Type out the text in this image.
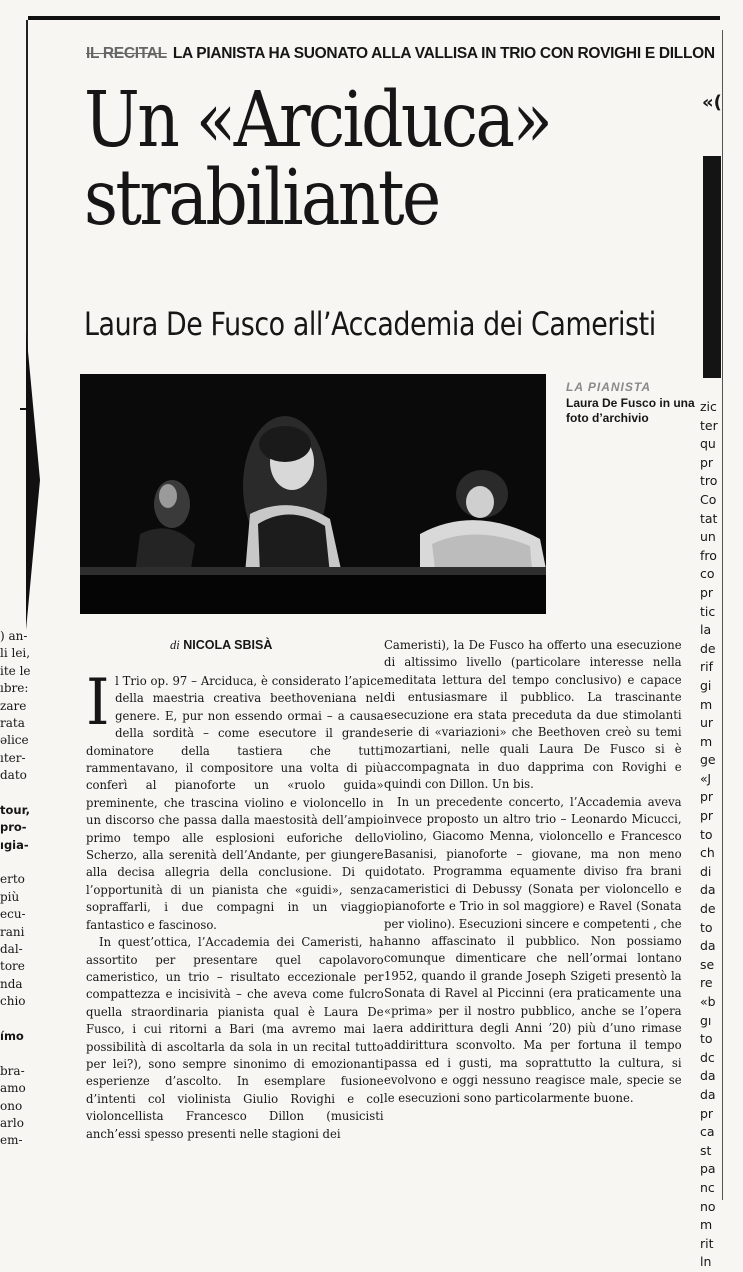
«(
IL RECITAL LA PIANISTA HA SUONATO ALLA VALLISA IN TRIO CON ROVIGHI E DILLON
Un «Arciduca»
strabiliante
Laura De Fusco all’Accademia dei Cameristi
LA PIANISTA
Laura De Fusco in una foto d’archivio
di NICOLA SBISÀ
I l Trio op. 97 – Arciduca, è considerato l’apice della maestria creativa beethoveniana nel genere. E, pur non essendo ormai – a causa della sordità – come esecutore il grande dominatore della tastiera che tutti rammentavano, il compositore una volta di più conferì al pianoforte un «ruolo guida» preminente, che trascina violino e violoncello in un discorso che passa dalla maestosità dell’ampio primo tempo alle esplosioni euforiche dello Scherzo, alla serenità dell’Andante, per giungere alla decisa allegria della conclusione. Di qui l’opportunità di un pianista che «guidi», senza sopraffarli, i due compagni in un viaggio fantastico e fascinoso.

In quest’ottica, l’Accademia dei Cameristi, ha assortito per presentare quel capolavoro cameristico, un trio – risultato eccezionale per compattezza e incisività – che aveva come fulcro quella straordinaria pianista qual è Laura De Fusco, i cui ritorni a Bari (ma avremo mai la possibilità di ascoltarla da sola in un recital tutto per lei?), sono sempre sinonimo di emozionanti esperienze d’ascolto. In esemplare fusione d’intenti col violinista Giulio Rovighi e col violoncellista Francesco Dillon (musicisti anch’essi spesso presenti nelle stagioni dei

Cameristi), la De Fusco ha offerto una esecuzione di altissimo livello (particolare interesse nella meditata lettura del tempo conclusivo) e capace di entusiasmare il pubblico. La trascinante esecuzione era stata preceduta da due stimolanti serie di «variazioni» che Beethoven creò su temi mozartiani, nelle quali Laura De Fusco si è accompagnata in duo dapprima con Rovighi e quindi con Dillon. Un bis.

In un precedente concerto, l’Accademia aveva invece proposto un altro trio – Leonardo Micucci, violino, Giacomo Menna, violoncello e Francesco Basanisi, pianoforte – giovane, ma non meno dotato. Programma equamente diviso fra brani cameristici di Debussy (Sonata per violoncello e pianoforte e Trio in sol maggiore) e Ravel (Sonata per violino). Esecuzioni sincere e competenti , che hanno affascinato il pubblico. Non possiamo comunque dimenticare che nell’ormai lontano 1952, quando il grande Joseph Szigeti presentò la Sonata di Ravel al Piccinni (era praticamente una «prima» per il nostro pubblico, anche se l’opera era addirittura degli Anni ’20) più d’uno rimase addirittura sconvolto. Ma per fortuna il tempo passa ed i gusti, ma soprattutto la cultura, si evolvono e oggi nessuno reagisce male, specie se le esecuzioni sono particolarmente buone.

) an-
li lei,
ite le
ıbre:
zare
rata
əlice
ıter-
dato
tour,
pro-
ıgia-
erto
più
ecu-
rani
dal-
tore
nda
chio
ímo
bra-
amo
ono
arlo
em-
zic
ter
qu
pr
tro
Co
tat
un
fro
co
pr
tic
la
de
rif
gi
m
ur
m
ge
«J
pr
pr
to
ch
di
da
de
to
da
se
re
«b
gı
to
dc
da
da
pr
ca
st
pa
nc
no
m
rit
ln
